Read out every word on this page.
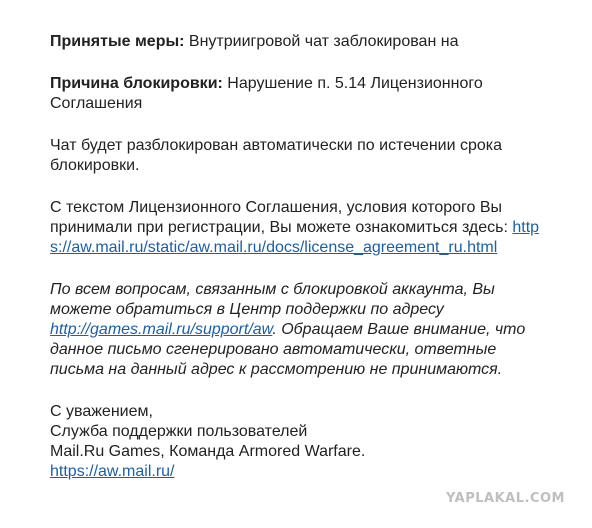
Принятые меры: Внутриигровой чат заблокирован на

Причина блокировки: Нарушение п. 5.14 Лицензионного Соглашения

Чат будет разблокирован автоматически по истечении срока блокировки.

С текстом Лицензионного Соглашения, условия которого Вы принимали при регистрации, Вы можете ознакомиться здесь: https://aw.mail.ru/static/aw.mail.ru/docs/license_agreement_ru.html

По всем вопросам, связанным с блокировкой аккаунта, Вы можете обратиться в Центр поддержки по адресу http://games.mail.ru/support/aw. Обращаем Ваше внимание, что данное письмо сгенерировано автоматически, ответные письма на данный адрес к рассмотрению не принимаются.

С уважением,
Служба поддержки пользователей
Mail.Ru Games, Команда Armored Warfare.
https://aw.mail.ru/

YAPLAKAL.COM
